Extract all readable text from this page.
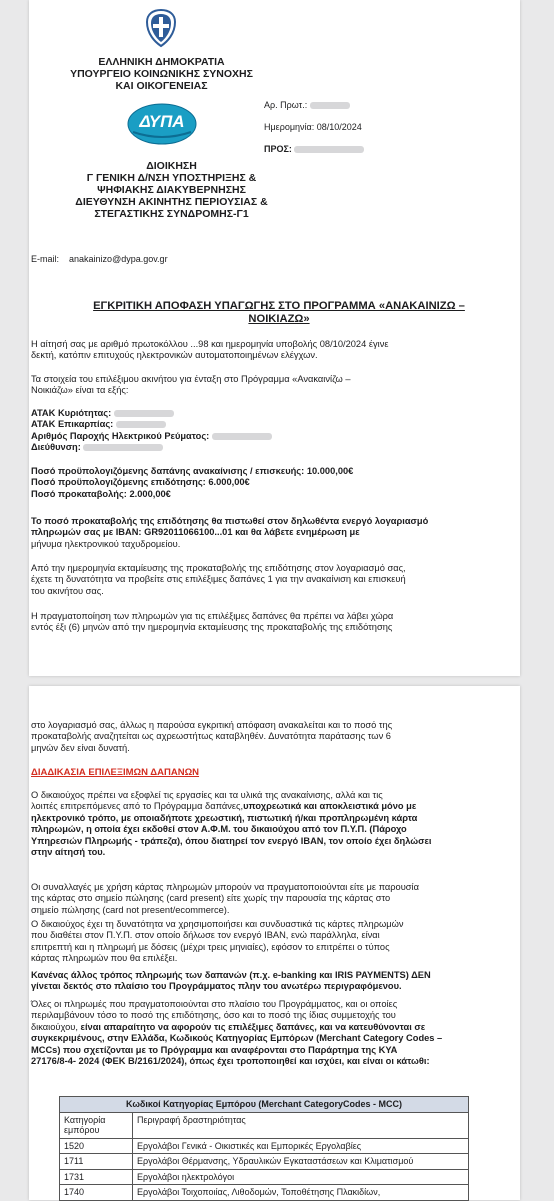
ΕΛΛΗΝΙΚΗ ΔΗΜΟΚΡΑΤΙΑ
ΥΠΟΥΡΓΕΙΟ ΚΟΙΝΩΝΙΚΗΣ ΣΥΝΟΧΗΣ
ΚΑΙ ΟΙΚΟΓΕΝΕΙΑΣ
ΔΥΠΑ
ΔΙΟΙΚΗΣΗ
Γ ΓΕΝΙΚΗ Δ/ΝΣΗ ΥΠΟΣΤΗΡΙΞΗΣ &
ΨΗΦΙΑΚΗΣ ΔΙΑΚΥΒΕΡΝΗΣΗΣ
ΔΙΕΥΘΥΝΣΗ ΑΚΙΝΗΤΗΣ ΠΕΡΙΟΥΣΙΑΣ &
ΣΤΕΓΑΣΤΙΚΗΣ ΣΥΝΔΡΟΜΗΣ-Γ1
Αρ. Πρωτ.:
Ημερομηνία: 08/10/2024
ΠΡΟΣ:
E-mail: anakainizo@dypa.gov.gr
ΕΓΚΡΙΤΙΚΗ ΑΠΟΦΑΣΗ ΥΠΑΓΩΓΗΣ ΣΤΟ ΠΡΟΓΡΑΜΜΑ «ΑΝΑΚΑΙΝΙΖΩ –
ΝΟΙΚΙΑΖΩ»
Η αίτησή σας με αριθμό πρωτοκόλλου ...98 και ημερομηνία υποβολής 08/10/2024 έγινε
δεκτή, κατόπιν επιτυχούς ηλεκτρονικών αυτοματοποιημένων ελέγχων.
Τα στοιχεία του επιλέξιμου ακινήτου για ένταξη στο Πρόγραμμα «Ανακαινίζω –
Νοικιάζω» είναι τα εξής:
ΑΤΑΚ Κυριότητας:
ΑΤΑΚ Επικαρπίας:
Αριθμός Παροχής Ηλεκτρικού Ρεύματος:
Διεύθυνση:
Ποσό προϋπολογιζόμενης δαπάνης ανακαίνισης / επισκευής: 10.000,00€
Ποσό προϋπολογιζόμενης επιδότησης: 6.000,00€
Ποσό προκαταβολής: 2.000,00€
Το ποσό προκαταβολής της επιδότησης θα πιστωθεί στον δηλωθέντα ενεργό λογαριασμό
πληρωμών σας με IBAN: GR92011066100...01 και θα λάβετε ενημέρωση με
μήνυμα ηλεκτρονικού ταχυδρομείου.
Από την ημερομηνία εκταμίευσης της προκαταβολής της επιδότησης στον λογαριασμό σας,
έχετε τη δυνατότητα να προβείτε στις επιλέξιμες δαπάνες 1 για την ανακαίνιση και επισκευή
του ακινήτου σας.
Η πραγματοποίηση των πληρωμών για τις επιλέξιμες δαπάνες θα πρέπει να λάβει χώρα
εντός έξι (6) μηνών από την ημερομηνία εκταμίευσης της προκαταβολής της επιδότησης
στο λογαριασμό σας, άλλως η παρούσα εγκριτική απόφαση ανακαλείται και το ποσό της
προκαταβολής αναζητείται ως αχρεωστήτως καταβληθέν. Δυνατότητα παράτασης των 6
μηνών δεν είναι δυνατή.
ΔΙΑΔΙΚΑΣΙΑ ΕΠΙΛΕΞΙΜΩΝ ΔΑΠΑΝΩΝ
Ο δικαιούχος πρέπει να εξοφλεί τις εργασίες και τα υλικά της ανακαίνισης, αλλά και τις
λοιπές επιτρεπόμενες από το Πρόγραμμα δαπάνες,υποχρεωτικά και αποκλειστικά μόνο με
ηλεκτρονικό τρόπο, με οποιαδήποτε χρεωστική, πιστωτική ή/και προπληρωμένη κάρτα
πληρωμών, η οποία έχει εκδοθεί στον Α.Φ.Μ. του δικαιούχου από τον Π.Υ.Π. (Πάροχο
Υπηρεσιών Πληρωμής - τράπεζα), όπου διατηρεί τον ενεργό IBAN, τον οποίο έχει δηλώσει
στην αίτησή του.
Οι συναλλαγές με χρήση κάρτας πληρωμών μπορούν να πραγματοποιούνται είτε με παρουσία
της κάρτας στο σημείο πώλησης (card present) είτε χωρίς την παρουσία της κάρτας στο
σημείο πώλησης (card not present/ecommerce).
Ο δικαιούχος έχει τη δυνατότητα να χρησιμοποιήσει και συνδυαστικά τις κάρτες πληρωμών
που διαθέτει στον Π.Υ.Π. στον οποίο δήλωσε τον ενεργό IBAN, ενώ παράλληλα, είναι
επιτρεπτή και η πληρωμή με δόσεις (μέχρι τρεις μηνιαίες), εφόσον το επιτρέπει ο τύπος
κάρτας πληρωμών που θα επιλέξει.
Κανένας άλλος τρόπος πληρωμής των δαπανών (π.χ. e-banking και IRIS PAYMENTS) ΔΕΝ
γίνεται δεκτός στο πλαίσιο του Προγράμματος πλην του ανωτέρω περιγραφόμενου.
Όλες οι πληρωμές που πραγματοποιούνται στο πλαίσιο του Προγράμματος, και οι οποίες
περιλαμβάνουν τόσο το ποσό της επιδότησης, όσο και το ποσό της ίδιας συμμετοχής του
δικαιούχου, είναι απαραίτητο να αφορούν τις επιλέξιμες δαπάνες, και να κατευθύνονται σε
συγκεκριμένους, στην Ελλάδα, Κωδικούς Κατηγορίας Εμπόρων (Merchant Category Codes –
MCCs) που σχετίζονται με το Πρόγραμμα και αναφέρονται στο Παράρτημα της ΚΥΑ
27176/8-4- 2024 (ΦΕΚ Β/2161/2024), όπως έχει τροποποιηθεί και ισχύει, και είναι οι κάτωθι:
Κωδικοί Κατηγορίας Εμπόρου (Merchant CategoryCodes - MCC)	
Κατηγορία εμπόρου	Περιγραφή δραστηριότητας
1520	Εργολάβοι Γενικά - Οικιστικές και Εμπορικές Εργολαβίες
1711	Εργολάβοι Θέρμανσης, Υδραυλικών Εγκαταστάσεων και Κλιματισμού
1731	Εργολάβοι ηλεκτρολόγοι
1740	Εργολάβοι Τοιχοποιίας, Λιθοδομών, Τοποθέτησης Πλακιδίων,
